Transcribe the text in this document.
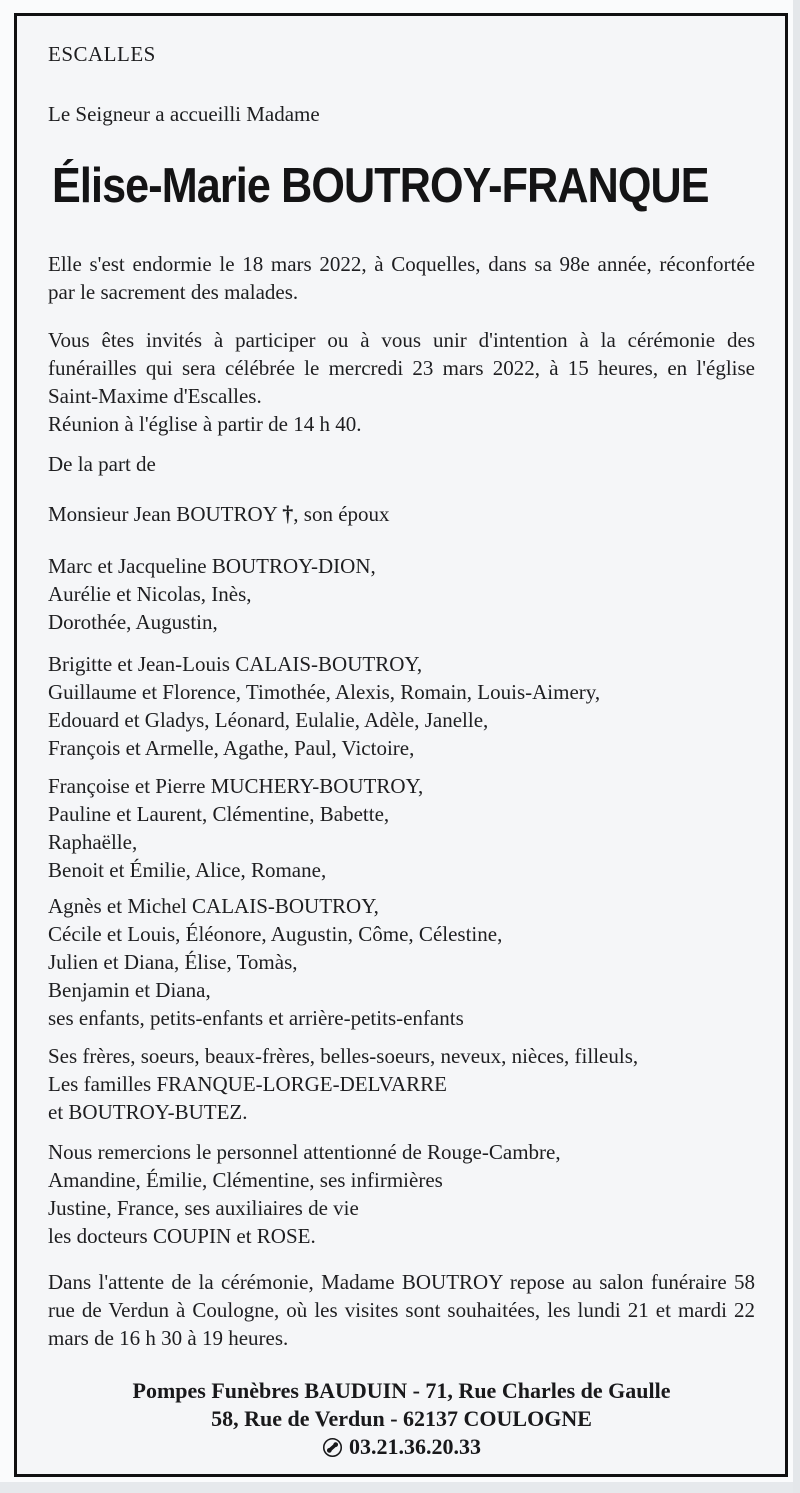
ESCALLES
Le Seigneur a accueilli Madame
Élise-Marie BOUTROY-FRANQUE

Elle s'est endormie le 18 mars 2022, à Coquelles, dans sa 98e année, réconfortée par le sacrement des malades.

Vous êtes invités à participer ou à vous unir d'intention à la cérémonie des funérailles qui sera célébrée le mercredi 23 mars 2022, à 15 heures, en l'église Saint-Maxime d'Escalles.

Réunion à l'église à partir de 14 h 40.

De la part de
Monsieur Jean BOUTROY †, son époux
Marc et Jacqueline BOUTROY-DION,
Aurélie et Nicolas, Inès,
Dorothée, Augustin,
Brigitte et Jean-Louis CALAIS-BOUTROY,
Guillaume et Florence, Timothée, Alexis, Romain, Louis-Aimery,
Edouard et Gladys, Léonard, Eulalie, Adèle, Janelle,
François et Armelle, Agathe, Paul, Victoire,
Françoise et Pierre MUCHERY-BOUTROY,
Pauline et Laurent, Clémentine, Babette,
Raphaëlle,
Benoit et Émilie, Alice, Romane,
Agnès et Michel CALAIS-BOUTROY,
Cécile et Louis, Éléonore, Augustin, Côme, Célestine,
Julien et Diana, Élise, Tomàs,
Benjamin et Diana,
ses enfants, petits-enfants et arrière-petits-enfants
Ses frères, soeurs, beaux-frères, belles-soeurs, neveux, nièces, filleuls,
Les familles FRANQUE-LORGE-DELVARRE
et BOUTROY-BUTEZ.
Nous remercions le personnel attentionné de Rouge-Cambre,
Amandine, Émilie, Clémentine, ses infirmières
Justine, France, ses auxiliaires de vie
les docteurs COUPIN et ROSE.

Dans l'attente de la cérémonie, Madame BOUTROY repose au salon funéraire 58 rue de Verdun à Coulogne, où les visites sont souhaitées, les lundi 21 et mardi 22 mars de 16 h 30 à 19 heures.

Pompes Funèbres BAUDUIN - 71, Rue Charles de Gaulle
58, Rue de Verdun - 62137 COULOGNE
03.21.36.20.33
